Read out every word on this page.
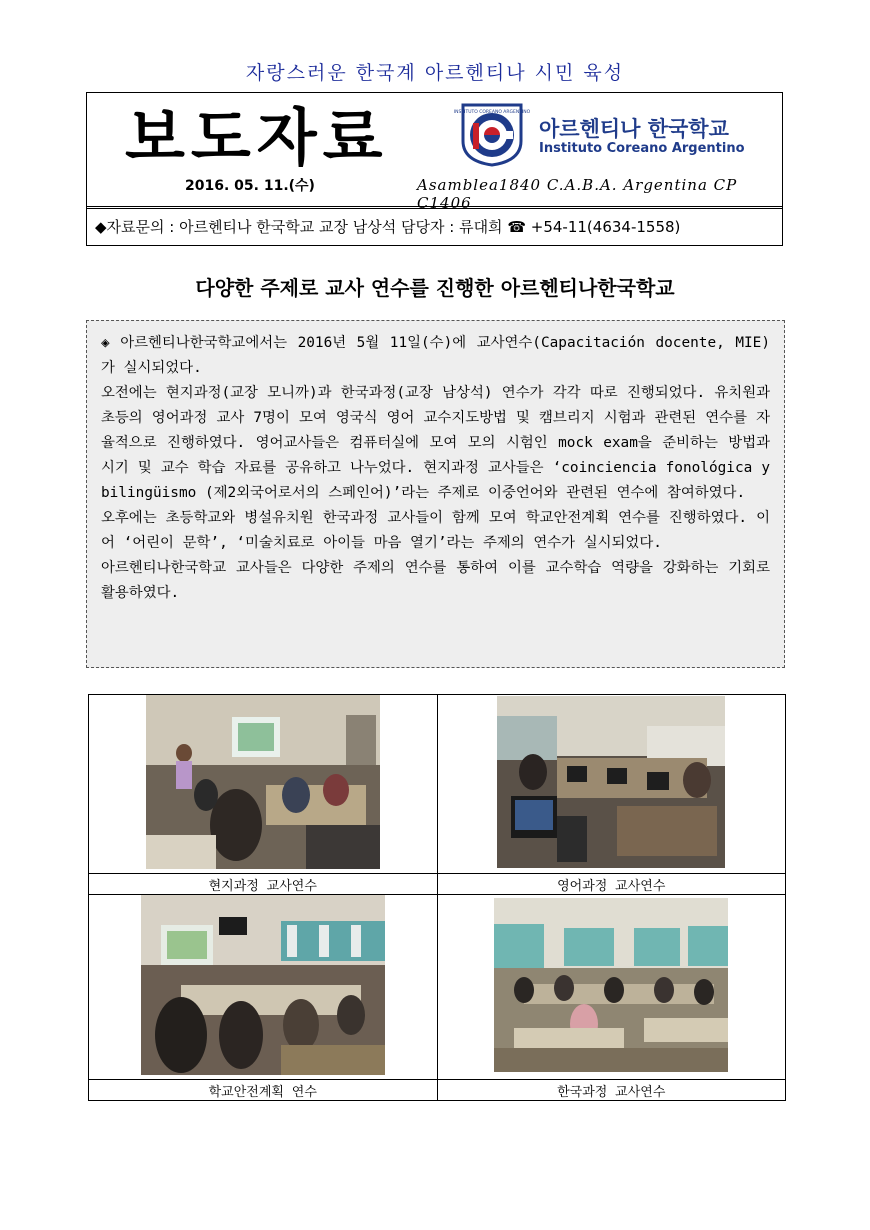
자랑스러운 한국계 아르헨티나 시민 육성
보도자료
2016. 05. 11.(수)
INSTITUTO COREANO ARGENTINO
아르헨티나 한국학교
Instituto Coreano Argentino
Asamblea1840 C.A.B.A. Argentina CP C1406
◆자료문의 : 아르헨티나 한국학교 교장 남상석 담당자 : 류대희 ☎ +54-11(4634-1558)
다양한 주제로 교사 연수를 진행한 아르헨티나한국학교

◈ 아르헨티나한국학교에서는 2016년 5월 11일(수)에 교사연수(Capacitación docente, MIE)가 실시되었다.

오전에는 현지과정(교장 모니까)과 한국과정(교장 남상석) 연수가 각각 따로 진행되었다. 유치원과 초등의 영어과정 교사 7명이 모여 영국식 영어 교수지도방법 및 캠브리지 시험과 관련된 연수를 자율적으로 진행하였다. 영어교사들은 컴퓨터실에 모여 모의 시험인 mock exam을 준비하는 방법과 시기 및 교수 학습 자료를 공유하고 나누었다. 현지과정 교사들은 ‘coinciencia fonológica y bilingüismo (제2외국어로서의 스페인어)’라는 주제로 이중언어와 관련된 연수에 참여하였다.

오후에는 초등학교와 병설유치원 한국과정 교사들이 함께 모여 학교안전계획 연수를 진행하였다. 이어 ‘어린이 문학’, ‘미술치료로 아이들 마음 열기’라는 주제의 연수가 실시되었다.

아르헨티나한국학교 교사들은 다양한 주제의 연수를 통하여 이를 교수학습 역량을 강화하는 기회로 활용하였다.

현지과정 교사연수	영어과정 교사연수

학교안전계획 연수	한국과정 교사연수
